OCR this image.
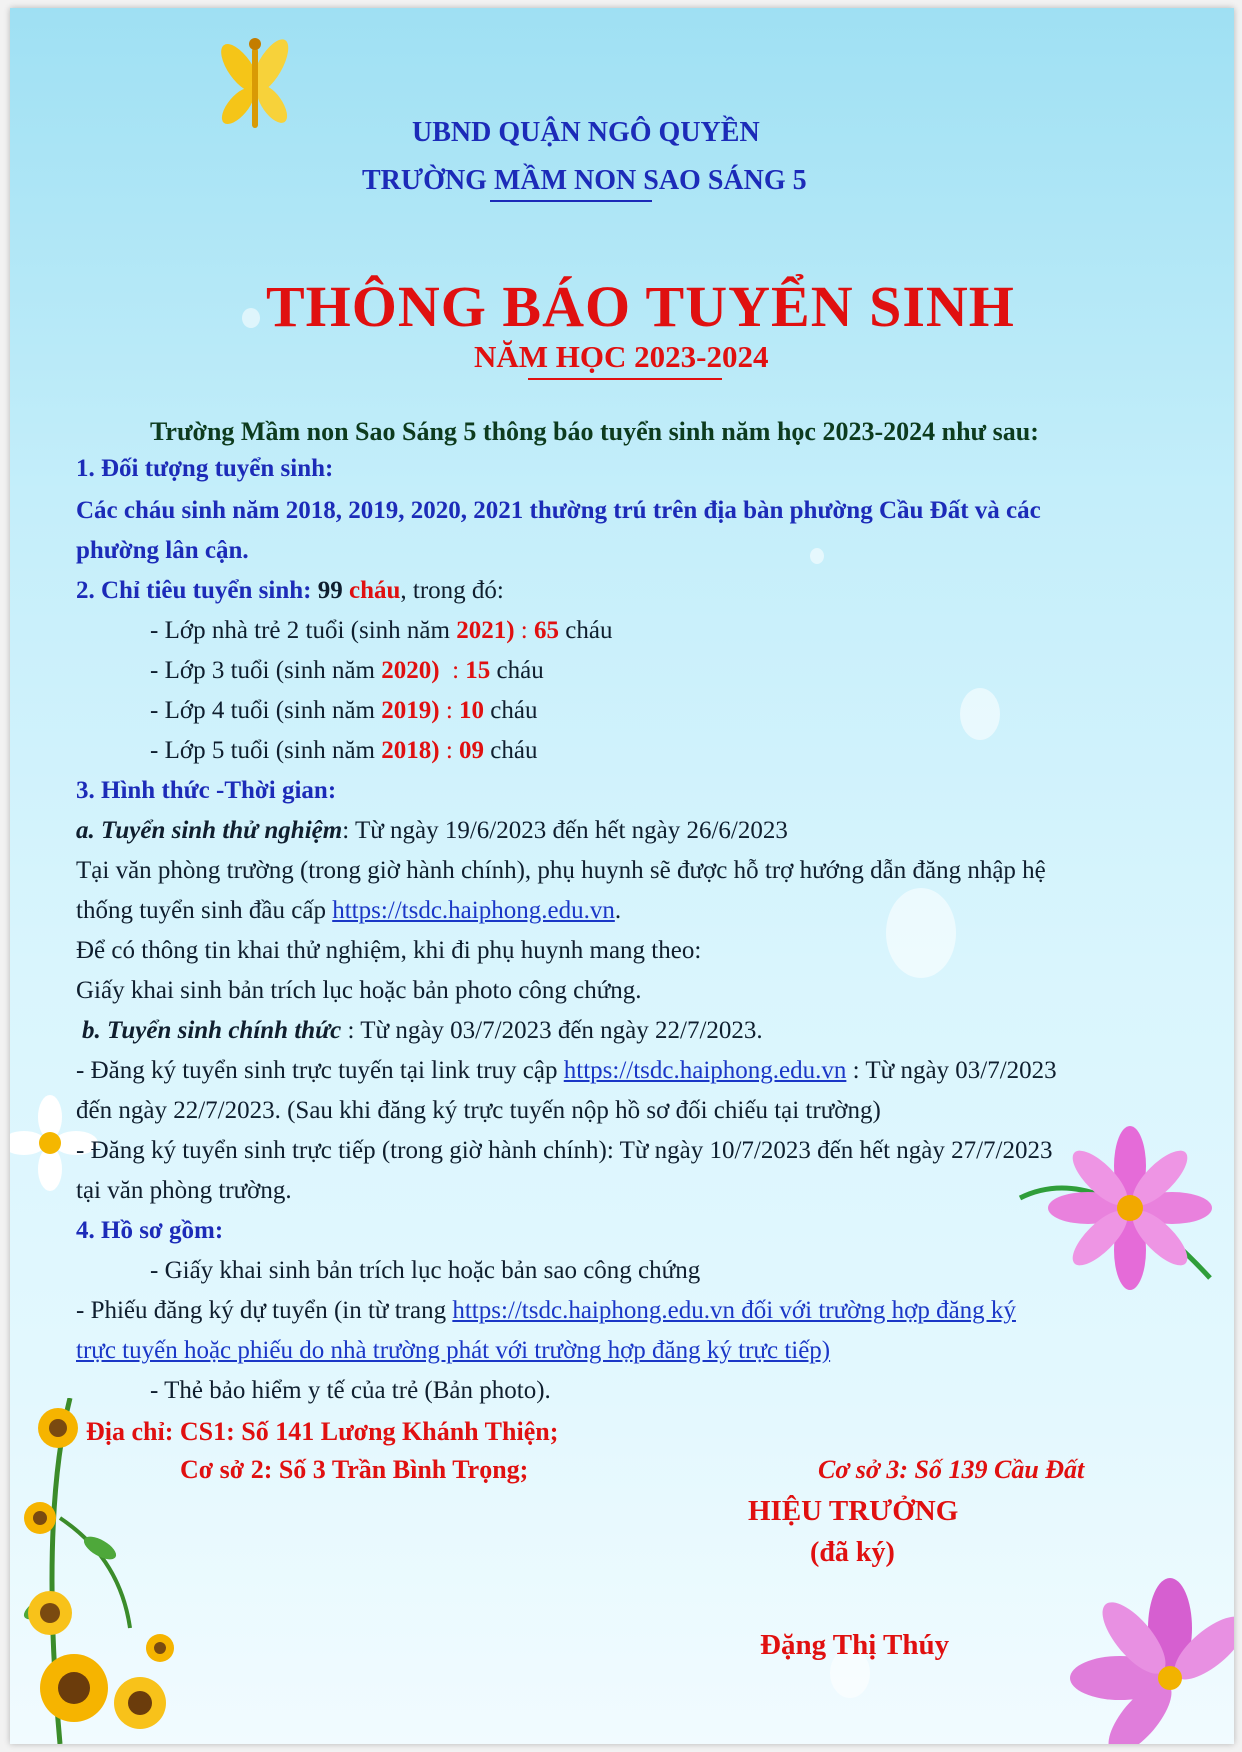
UBND QUẬN NGÔ QUYỀN
TRƯỜNG MẦM NON SAO SÁNG 5
THÔNG BÁO TUYỂN SINH
NĂM HỌC 2023-2024
Trường Mầm non Sao Sáng 5 thông báo tuyển sinh năm học 2023-2024 như sau:
1. Đối tượng tuyển sinh:
Các cháu sinh năm 2018, 2019, 2020, 2021 thường trú trên địa bàn phường Cầu Đất và các
phường lân cận.
2. Chỉ tiêu tuyển sinh: 99 cháu, trong đó:
- Lớp nhà trẻ 2 tuổi (sinh năm 2021) : 65 cháu
- Lớp 3 tuổi (sinh năm 2020)  : 15 cháu
- Lớp 4 tuổi (sinh năm 2019) : 10 cháu
- Lớp 5 tuổi (sinh năm 2018) : 09 cháu
3. Hình thức -Thời gian:
a. Tuyển sinh thử nghiệm: Từ ngày 19/6/2023 đến hết ngày 26/6/2023
Tại văn phòng trường (trong giờ hành chính), phụ huynh sẽ được hỗ trợ hướng dẫn đăng nhập hệ
thống tuyển sinh đầu cấp https://tsdc.haiphong.edu.vn.
Để có thông tin khai thử nghiệm, khi đi phụ huynh mang theo:
Giấy khai sinh bản trích lục hoặc bản photo công chứng.
b. Tuyển sinh chính thức : Từ ngày 03/7/2023 đến ngày 22/7/2023.
- Đăng ký tuyển sinh trực tuyến tại link truy cập https://tsdc.haiphong.edu.vn : Từ ngày 03/7/2023
đến ngày 22/7/2023. (Sau khi đăng ký trực tuyến nộp hồ sơ đối chiếu tại trường)
- Đăng ký tuyển sinh trực tiếp (trong giờ hành chính): Từ ngày 10/7/2023 đến hết ngày 27/7/2023
tại văn phòng trường.
4. Hồ sơ gồm:
- Giấy khai sinh bản trích lục hoặc bản sao công chứng
- Phiếu đăng ký dự tuyển (in từ trang https://tsdc.haiphong.edu.vn đối với trường hợp đăng ký
trực tuyến hoặc phiếu do nhà trường phát với trường hợp đăng ký trực tiếp)
- Thẻ bảo hiểm y tế của trẻ (Bản photo).
Địa chỉ: CS1: Số 141 Lương Khánh Thiện;
Cơ sở 2: Số 3 Trần Bình Trọng;	Cơ sở 3: Số 139 Cầu Đất
HIỆU TRƯỞNG
(đã ký)
Đặng Thị Thúy
